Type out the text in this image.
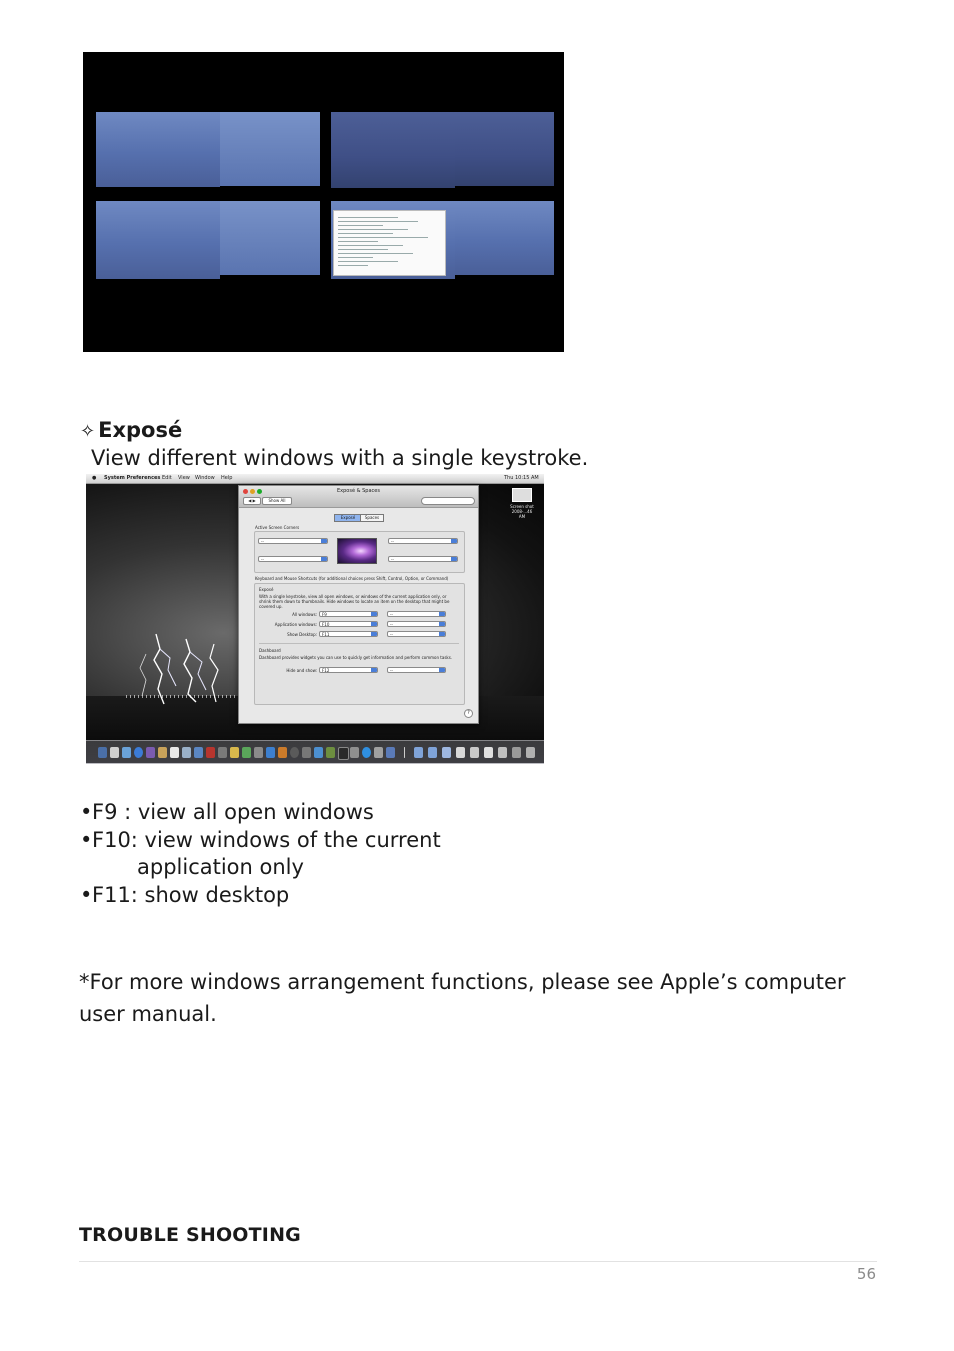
✧ Exposé
View different windows with a single keystroke.
● System Preferences Edit View Window Help	Thu 10:15 AM
Screen shot 2008-...46 AM
Exposé & Spaces
◀ ▶	Show All
Exposé	Spaces
Active Screen Corners
--	--
--	--
Keyboard and Mouse Shortcuts (for additional choices press Shift, Control, Option, or Command)
Exposé
With a single keystroke, view all open windows, or windows of the current application only, or shrink them down to thumbnails. Hide windows to locate an item on the desktop that might be covered up.
All windows:	F9	--
Application windows:	F10	--
Show Desktop:	F11	--
Dashboard
Dashboard provides widgets you can use to quickly get information and perform common tasks.
Hide and show:	F12	--
?
•F9 : view all open windows
•F10: view windows of the current
application only
•F11: show desktop
*For more windows arrangement functions, please see Apple’s computer user manual.
TROUBLE SHOOTING
56
